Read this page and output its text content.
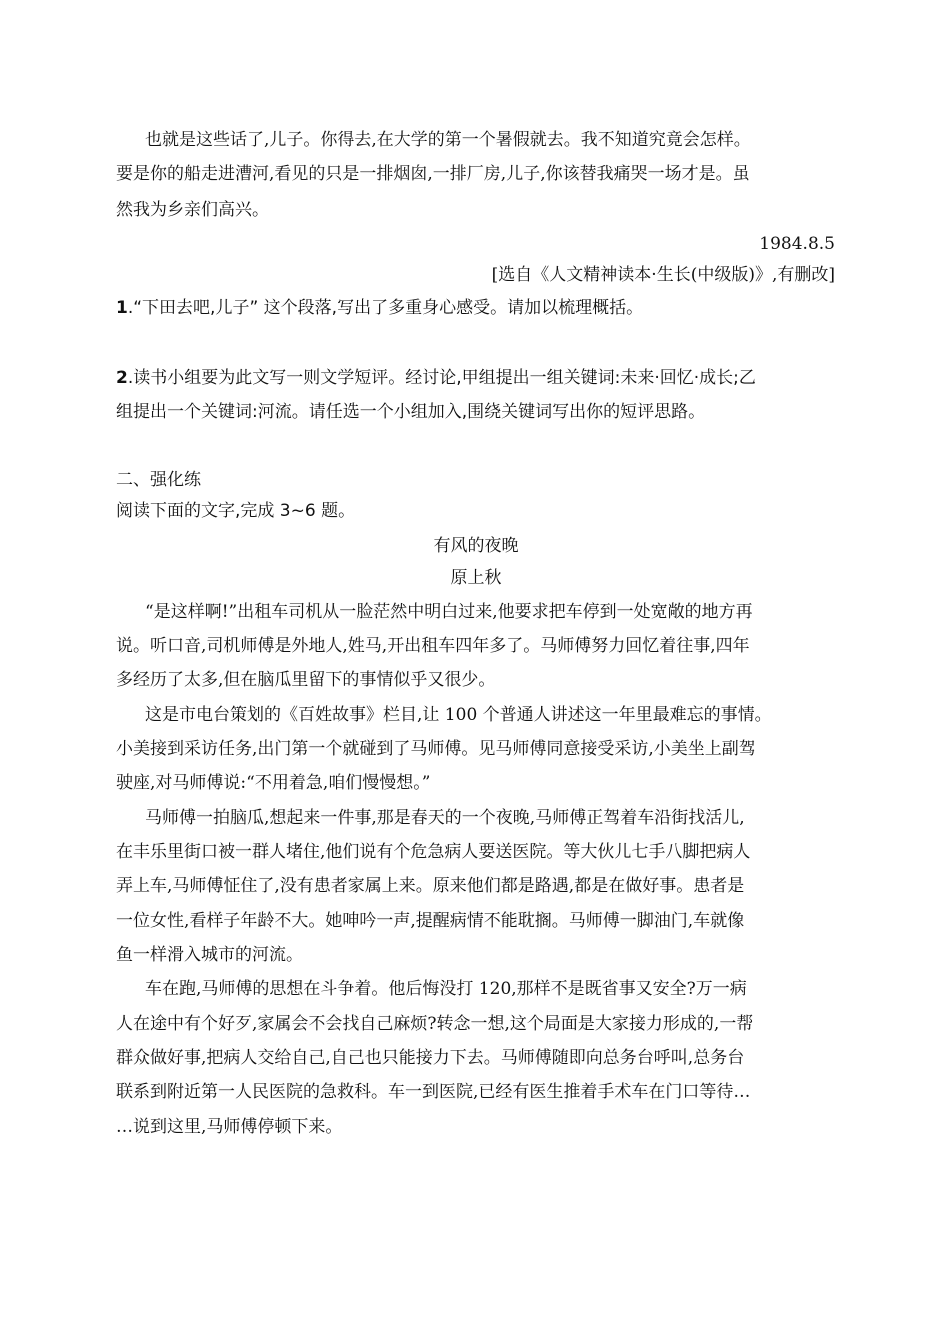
也就是这些话了,儿子。你得去,在大学的第一个暑假就去。我不知道究竟会怎样。
要是你的船走进漕河,看见的只是一排烟囱,一排厂房,儿子,你该替我痛哭一场才是。虽
然我为乡亲们高兴。
1984.8.5
[选自《人文精神读本·生长(中级版)》,有删改]
1.“下田去吧,儿子” 这个段落,写出了多重身心感受。请加以梳理概括。
2.读书小组要为此文写一则文学短评。经讨论,甲组提出一组关键词:未来·回忆·成长;乙
组提出一个关键词:河流。请任选一个小组加入,围绕关键词写出你的短评思路。
二、强化练
阅读下面的文字,完成 3~6 题。
有风的夜晚
原上秋
“是这样啊!”出租车司机从一脸茫然中明白过来,他要求把车停到一处宽敞的地方再
说。听口音,司机师傅是外地人,姓马,开出租车四年多了。马师傅努力回忆着往事,四年
多经历了太多,但在脑瓜里留下的事情似乎又很少。
这是市电台策划的《百姓故事》栏目,让 100 个普通人讲述这一年里最难忘的事情。
小美接到采访任务,出门第一个就碰到了马师傅。见马师傅同意接受采访,小美坐上副驾
驶座,对马师傅说:“不用着急,咱们慢慢想。”
马师傅一拍脑瓜,想起来一件事,那是春天的一个夜晚,马师傅正驾着车沿街找活儿,
在丰乐里街口被一群人堵住,他们说有个危急病人要送医院。等大伙儿七手八脚把病人
弄上车,马师傅怔住了,没有患者家属上来。原来他们都是路遇,都是在做好事。患者是
一位女性,看样子年龄不大。她呻吟一声,提醒病情不能耽搁。马师傅一脚油门,车就像
鱼一样滑入城市的河流。
车在跑,马师傅的思想在斗争着。他后悔没打 120,那样不是既省事又安全?万一病
人在途中有个好歹,家属会不会找自己麻烦?转念一想,这个局面是大家接力形成的,一帮
群众做好事,把病人交给自己,自己也只能接力下去。马师傅随即向总务台呼叫,总务台
联系到附近第一人民医院的急救科。车一到医院,已经有医生推着手术车在门口等待…
…说到这里,马师傅停顿下来。
